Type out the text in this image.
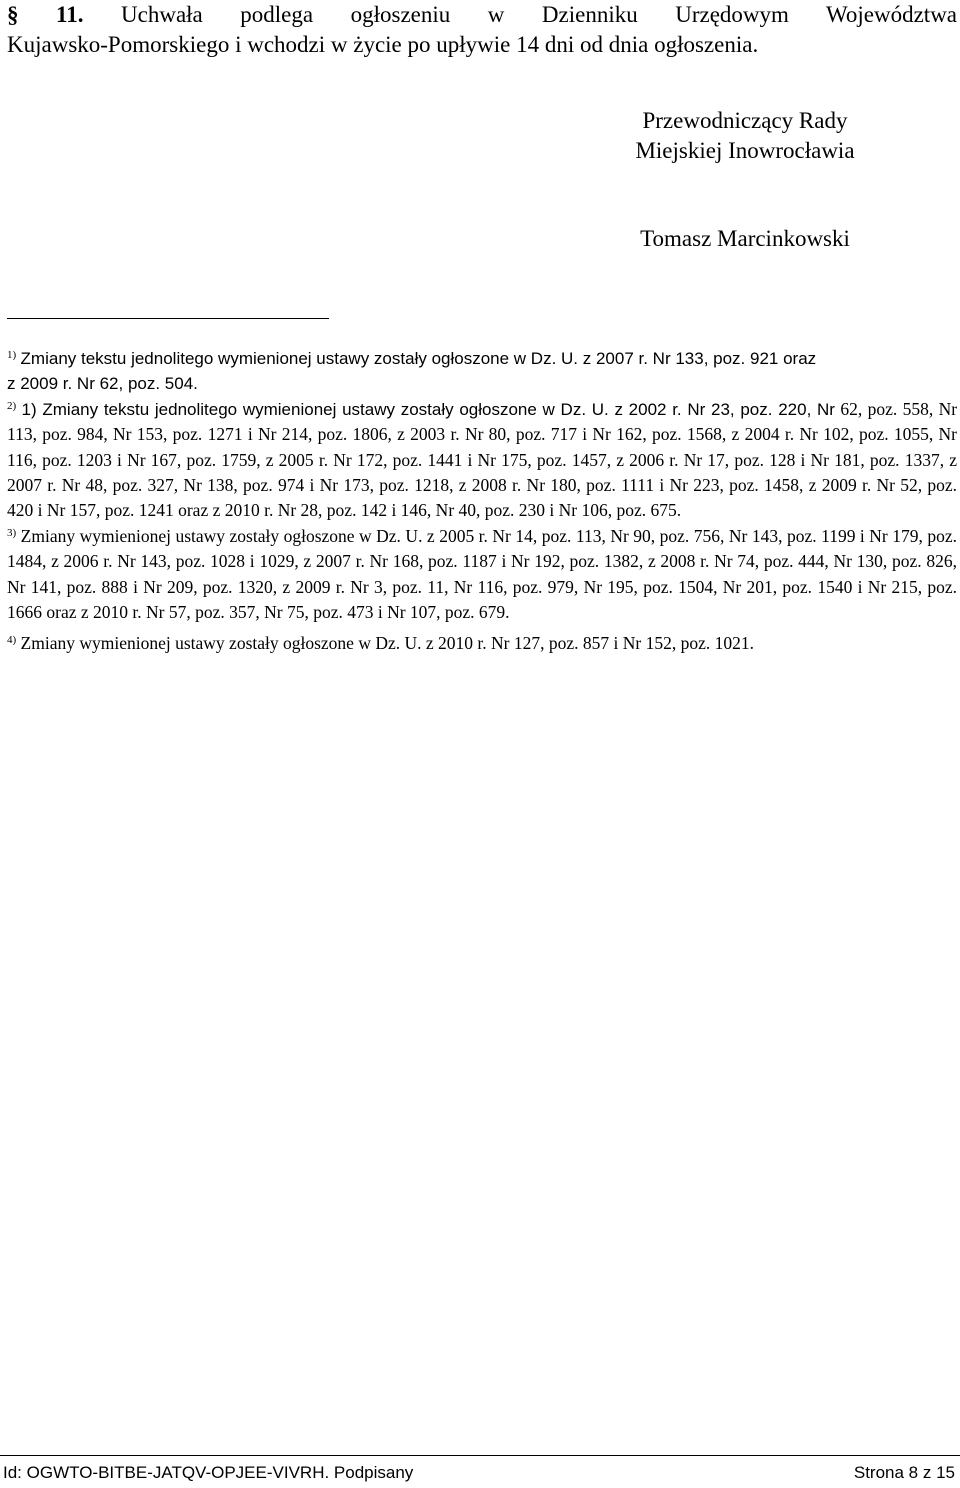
§ 11. Uchwała podlega ogłoszeniu w Dzienniku Urzędowym Województwa
Kujawsko-Pomorskiego i wchodzi w życie po upływie 14 dni od dnia ogłoszenia.
Przewodniczący Rady
Miejskiej Inowrocławia
Tomasz Marcinkowski

$^{1)}$ Zmiany tekstu jednolitego wymienionej ustawy zostały ogłoszone w Dz. U. z 2007 r. Nr 133, poz. 921 oraz
z 2009 r. Nr 62, poz. 504.

$^{2)}$ 1) Zmiany tekstu jednolitego wymienionej ustawy zostały ogłoszone w Dz. U. z 2002 r. Nr 23, poz. 220, Nr 62, poz. 558, Nr 113, poz. 984, Nr 153, poz. 1271 i Nr 214, poz. 1806, z 2003 r. Nr 80, poz. 717 i Nr 162, poz. 1568, z 2004 r. Nr 102, poz. 1055, Nr 116, poz. 1203 i Nr 167, poz. 1759, z 2005 r. Nr 172, poz. 1441 i Nr 175, poz. 1457, z 2006 r. Nr 17, poz. 128 i Nr 181, poz. 1337, z 2007 r. Nr 48, poz. 327, Nr 138, poz. 974 i Nr 173, poz. 1218, z 2008 r. Nr 180, poz. 1111 i Nr 223, poz. 1458, z 2009 r. Nr 52, poz. 420 i Nr 157, poz. 1241 oraz z 2010 r. Nr 28, poz. 142 i 146, Nr 40, poz. 230 i Nr 106, poz. 675.

$^{3)}$ Zmiany wymienionej ustawy zostały ogłoszone w Dz. U. z 2005 r. Nr 14, poz. 113, Nr 90, poz. 756, Nr 143, poz. 1199 i Nr 179, poz. 1484, z 2006 r. Nr 143, poz. 1028 i 1029, z 2007 r. Nr 168, poz. 1187 i Nr 192, poz. 1382, z 2008 r. Nr 74, poz. 444, Nr 130, poz. 826, Nr 141, poz. 888 i Nr 209, poz. 1320, z 2009 r. Nr 3, poz. 11, Nr 116, poz. 979, Nr 195, poz. 1504, Nr 201, poz. 1540 i Nr 215, poz. 1666 oraz z 2010 r. Nr 57, poz. 357, Nr 75, poz. 473 i Nr 107, poz. 679.

$^{4)}$ Zmiany wymienionej ustawy zostały ogłoszone w Dz. U. z 2010 r. Nr 127, poz. 857 i Nr 152, poz. 1021.

Id: OGWTO-BITBE-JATQV-OPJEE-VIVRH. Podpisany	Strona 8 z 15
